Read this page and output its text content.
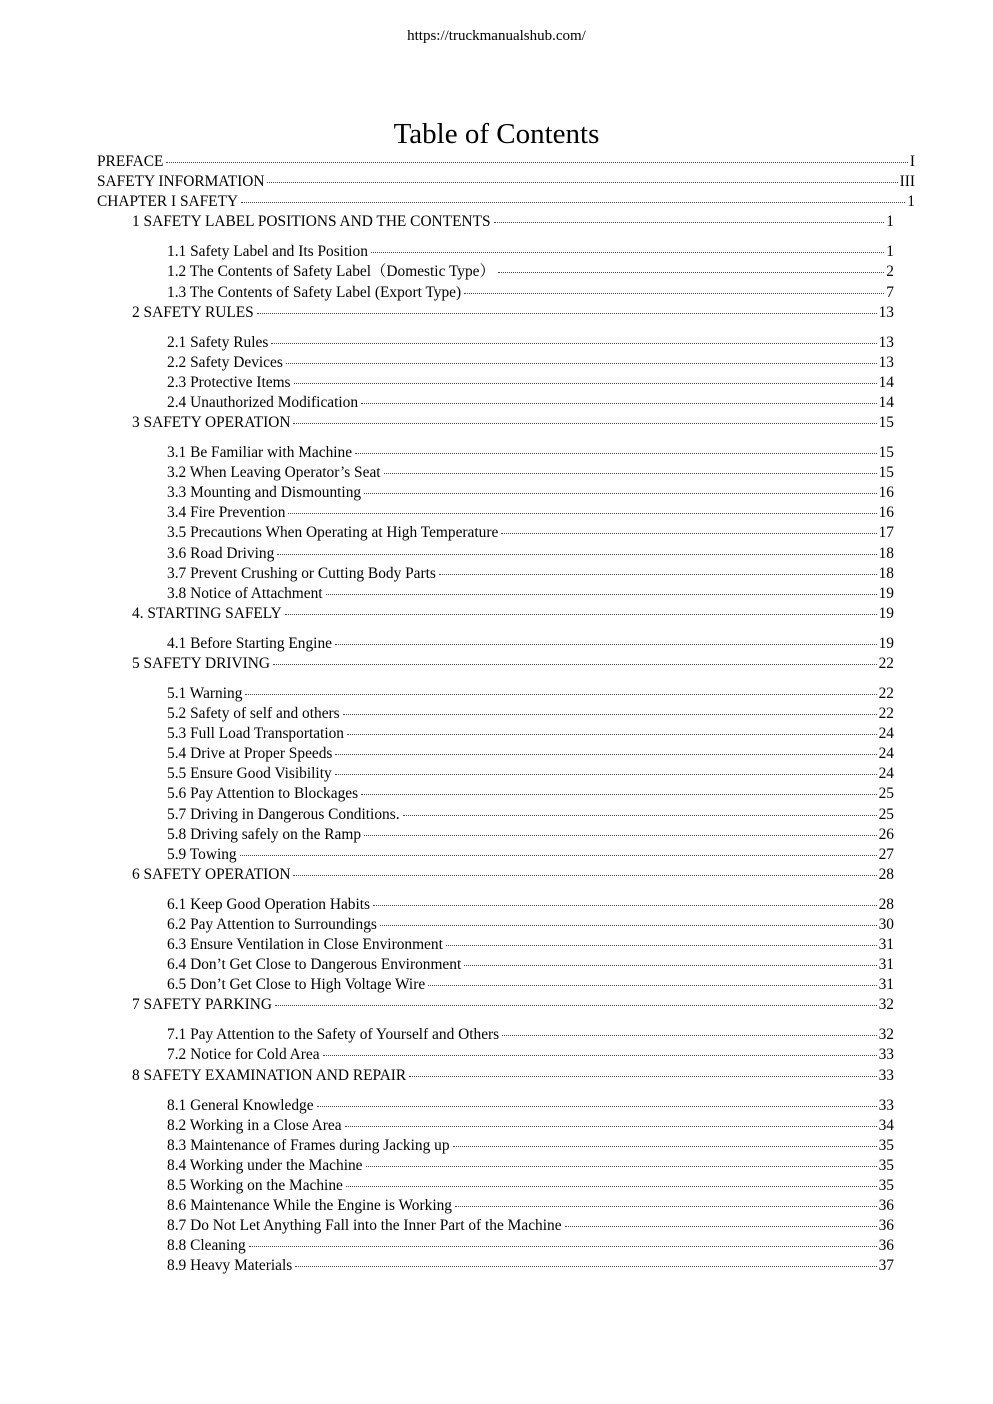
https://truckmanualshub.com/
Table of Contents
PREFACE	I
SAFETY INFORMATION	III
CHAPTER I SAFETY	1
1 SAFETY LABEL POSITIONS AND THE CONTENTS	1
1.1 Safety Label and Its Position	1
1.2 The Contents of Safety Label（Domestic Type）	2
1.3 The Contents of Safety Label (Export Type)	7
2 SAFETY RULES	13
2.1 Safety Rules	13
2.2 Safety Devices	13
2.3 Protective Items	14
2.4 Unauthorized Modification	14
3 SAFETY OPERATION	15
3.1 Be Familiar with Machine	15
3.2 When Leaving Operator’s Seat	15
3.3 Mounting and Dismounting	16
3.4 Fire Prevention	16
3.5 Precautions When Operating at High Temperature	17
3.6 Road Driving	18
3.7 Prevent Crushing or Cutting Body Parts	18
3.8 Notice of Attachment	19
4. STARTING SAFELY	19
4.1 Before Starting Engine	19
5 SAFETY DRIVING	22
5.1 Warning	22
5.2 Safety of self and others	22
5.3 Full Load Transportation	24
5.4 Drive at Proper Speeds	24
5.5 Ensure Good Visibility	24
5.6 Pay Attention to Blockages	25
5.7 Driving in Dangerous Conditions.	25
5.8 Driving safely on the Ramp	26
5.9 Towing	27
6 SAFETY OPERATION	28
6.1 Keep Good Operation Habits	28
6.2 Pay Attention to Surroundings	30
6.3 Ensure Ventilation in Close Environment	31
6.4 Don’t Get Close to Dangerous Environment	31
6.5 Don’t Get Close to High Voltage Wire	31
7 SAFETY PARKING	32
7.1 Pay Attention to the Safety of Yourself and Others	32
7.2 Notice for Cold Area	33
8 SAFETY EXAMINATION AND REPAIR	33
8.1 General Knowledge	33
8.2 Working in a Close Area	34
8.3 Maintenance of Frames during Jacking up	35
8.4 Working under the Machine	35
8.5 Working on the Machine	35
8.6 Maintenance While the Engine is Working	36
8.7 Do Not Let Anything Fall into the Inner Part of the Machine	36
8.8 Cleaning	36
8.9 Heavy Materials	37
